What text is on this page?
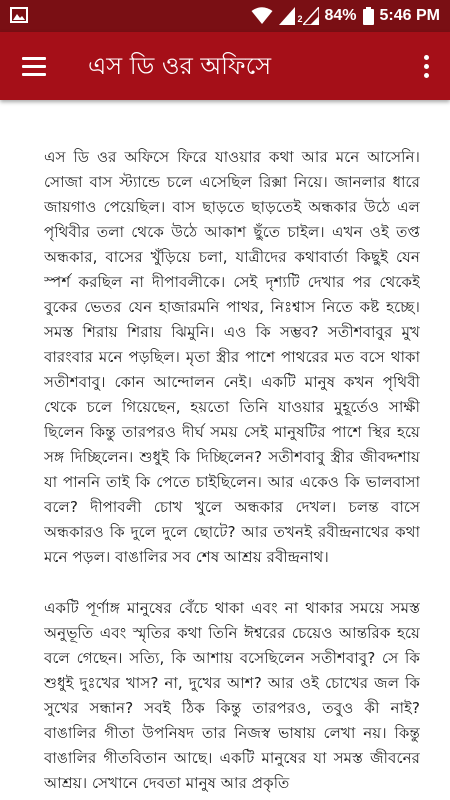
2 84% 5:46 PM
এস ডি ওর অফিসে

এস ডি ওর অফিসে ফিরে যাওয়ার কথা আর মনে আসেনি। সোজা বাস স্ট্যান্ডে চলে এসেছিল রিক্সা নিয়ে। জানলার ধারে জায়গাও পেয়েছিল। বাস ছাড়তে ছাড়তেই অন্ধকার উঠে এল পৃথিবীর তলা থেকে উঠে আকাশ ছুঁতে চাইল। এখন ওই তপ্ত অন্ধকার, বাসের খুঁড়িয়ে চলা, যাত্রীদের কথাবার্তা কিছুই যেন স্পর্শ করছিল না দীপাবলীকে। সেই দৃশ্যটি দেখার পর থেকেই বুকের ভেতর যেন হাজারমনি পাথর, নিঃশ্বাস নিতে কষ্ট হচ্ছে। সমস্ত শিরায় শিরায় ঝিমুনি। এও কি সম্ভব? সতীশবাবুর মুখ বারংবার মনে পড়ছিল। মৃতা স্ত্রীর পাশে পাথরের মত বসে থাকা সতীশবাবু। কোন আন্দোলন নেই। একটি মানুষ কখন পৃথিবী থেকে চলে গিয়েছেন, হয়তো তিনি যাওয়ার মুহূর্তেও সাক্ষী ছিলেন কিন্তু তারপরও দীর্ঘ সময় সেই মানুষটির পাশে স্থির হয়ে সঙ্গ দিচ্ছিলেন। শুধুই কি দিচ্ছিলেন? সতীশবাবু স্ত্রীর জীবদ্দশায় যা পাননি তাই কি পেতে চাইছিলেন। আর একেও কি ভালবাসা বলে? দীপাবলী চোখ খুলে অন্ধকার দেখল। চলন্ত বাসে অন্ধকারও কি দুলে দুলে ছোটে? আর তখনই রবীন্দ্রনাথের কথা মনে পড়ল। বাঙালির সব শেষ আশ্রয় রবীন্দ্রনাথ।

একটি পূর্ণাঙ্গ মানুষের বেঁচে থাকা এবং না থাকার সময়ে সমস্ত অনুভূতি এবং স্মৃতির কথা তিনি ঈশ্বরের চেয়েও আন্তরিক হয়ে বলে গেছেন। সত্যি, কি আশায় বসেছিলেন সতীশবাবু? সে কি শুধুই দুঃখের খাস? না, দুখের আশ? আর ওই চোখের জল কি সুখের সন্ধান? সবই ঠিক কিন্তু তারপরও, তবুও কী নাই? বাঙালির গীতা উপনিষদ তার নিজস্ব ভাষায় লেখা নয়। কিন্তু বাঙালির গীতবিতান আছে। একটি মানুষের যা সমস্ত জীবনের আশ্রয়। সেখানে দেবতা মানুষ আর প্রকৃতি
